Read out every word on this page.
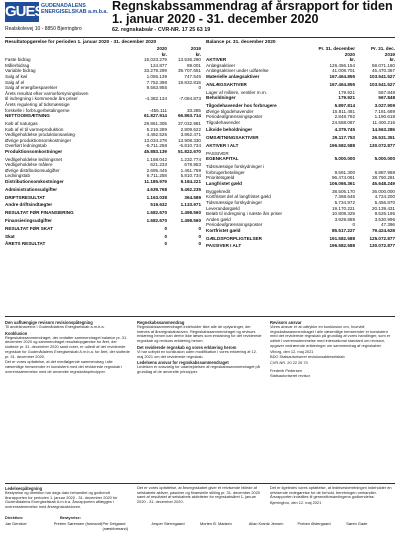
GUES
GUDENADALENS
ENERGISELSKAB a.m.b.a.
Realskolevej 10 - 8850 Bjerringbro
Regnskabssammendrag af årsrapport for tiden
1. januar 2020 - 31. december 2020
62. regnskabsår - CVR-NR. 17 25 63 19
Resultatopgørelse for perioden 1. januar 2020 - 31. december 2020
2020	2019
kr.	kr.
Faste bidrag	15.023.279	13.536.290
Målerbidrag	124.877	89.001
Variable bidrag	33.279.299	39.707.651
Salg af kwl	1.055.139	747.545
Salg af el	7.752.398	19.832.815
Salg af energibesparelser	9.563.955	0
Årets resultat efter varmeforsyningsloven
til indregning i kommende års priser	-4.382.134	-7.084.873
Årets regulering af tidsmæssige
forskelle i forbrugerbetalingerne	-455.111	33.285
NETTOOMSÆTNING	61.827.914	66.863.714
Køb af naturgas	29.861.305	37.032.981
Køb af el til varmeproduktion	5.216.289	2.809.622
Vedligeholdelse produktionsanlæg	4.482.525	3.862.471
Øvrige produktionsomkostninger	13.034.278	13.908.330
Overført ledningstab	-6.711.258	-5.810.734
Produktionsomkostninger	45.883.139	51.822.670
Vedligeholdelse ledningsnet	1.158.042	1.232.774
Vedligeholdelse målere	621.233	678.953
Øvrige distributionsudgifter	2.695.445	1.461.759
Ledningstab	6.711.258	5.810.734
Distributionsomkostninger	11.185.979	9.184.221
Administrationsudgifter	4.639.768	5.492.235
DRIFTSRESULTAT	1.163.038	364.589
Andre driftsindtægter	519.632	1.133.971
RESULTAT FØR FINANSIERING	1.682.670	1.498.560
Finansieringsudgifter	1.682.670	1.498.560
RESULTAT FØR SKAT	0	0
Skat	0	0
ÅRETS RESULTAT	0	0
Balance pr. 31. december 2020
Pr. 31. december	Pr. 31. dec.
2020	2019
AKTIVER	kr.	kr.
Anlægsaktiver	126.456.154	58.071.160
Anlægsaktiver under udførelse	41.008.701	45.470.367
Materielle anlægsaktiver	167.464.855	103.541.527
ANLÆGSAKTIVER	167.464.855	103.541.527
Lager af målere, ventiler m.m.	179.921	567.848
Beholdninger	179.921	567.848
Tilgodehavender hos forbrugere	5.897.814	3.027.909
Øvrige tilgodehavender	15.811.481	7.181.689
Periodeafgrænsningsposter	2.848.792	1.190.618
Tilgodehavender	24.558.087	11.400.216
Likvide beholdninger	4.379.745	14.563.286
OMSÆTNINGSAKTIVER	29.117.753	26.531.351
AKTIVER I ALT	196.582.588	130.072.877
PASSIVER
EGENKAPITAL	5.000.000	5.000.000
Tidsmæssige forskydninger i
forbrugerbetalinger	9.591.300	6.887.968
Prioritetsgæld	96.474.061	38.760.281
Langfristet gæld	106.065.361	45.648.249
Byggekredit	38.505.170	36.000.000
Kortfristet del af langfristet gæld	7.368.646	4.724.200
Tidsmæssige forskydninger	5.734.972	5.456.870
Leverandørgæld	19.170.221	20.139.431
Beløb til indregning i næste års priser	10.808.329	9.526.195
Anden gæld	3.929.889	3.530.996
Periodeafgrænsningsposter	0	47.396
Kortfristet gæld	85.517.227	79.424.628
GÆLDSFORPLIGTELSER	191.582.588	125.072.877
PASSIVER I ALT	196.582.588	130.072.877
Den uafhængige revisors revisionspåtegning

Til andelshaverne i Gudenådalens Energiselskab a.m.b.a.

Konklusion

Regnskabssammendraget, der omfatter sammendraget balance pr. 31. december 2020 og sammendraget resultatopgørelse for året, der sluttede pr. 31. december 2020 samt noter, er udledt af det reviderede regnskab for Gudenådalens Energiselskab A.m.b.a. for året, der sluttede pr. 31. december 2020.

Det er vores opfattelse, at det medfølgende sammendrag i alle væsentlige henseender er konsistent med det reviderede regnskab i overensstemmelse med de anvendte regnskabsprincipper.

Regnskabssammendrag

Regnskabssammendraget indeholder ikke alle de oplysninger, der kræves af årsregnskabsloven. Regnskabssammendraget og revisors erklæring herom kan derfor ikke læses som erstatning for det reviderede regnskab og revisors erklæring herom.

Det reviderede regnskab og vores erklæring herom

Vi har udtrykt en konklusion uden modifikation i vores erklæring af 12. maj 2021 om det reviderede regnskab.

Ledelsens ansvar for regnskabssammendraget

Ledelsen er ansvarlig for udarbejdelsen af regnskabssammendraget på grundlag af de anvendte principper.

Revisors ansvar

Vores ansvar er at udtrykke en konklusion om, hvorvidt regnskabssammendraget i alle væsentlige henseender er konsistent med det reviderede regnskab på grundlag af vores handlinger, som er udført i overensstemmelse med international standard om revision, opgaver vedrørende erklæringer om sammendrag af regnskaber.

Viborg, den 12. maj 2021

BDO Statsautoriseret revisionsaktieselskab

CVR-NR. 20 22 26 70

Frederik Pedersen

Statsautoriseret revisor

Ledelsespåtegning

Bestyrelse og direktion har dags dato behandlet og godkendt årsrapporten for perioden 1. januar 2020 - 31. december 2020 for Gudenådalens Energiselskab A.m.b.a. Årsrapporten aflægges i overensstemmelse med årsregnskabsloven.

Det er vores opfattelse, at årsregnskabet giver et retvisende billede af selskabets aktiver, passiver og finansielle stilling pr. 31. december 2020 samt af resultatet af selskabets aktiviteter for regnskabsåret 1. januar 2020 - 31. december 2020.

Det er ligeledes vores opfattelse, at ledelsesberetningen indeholder en retvisende redegørelse for de forhold, beretningen omhandler. Årsrapporten indstilles til generalforsamlingens godkendelse.

Bjerringbro, den 12. maj 2021

Direktion:	Bestyrelse:
Jan Dencker	Preben Sørensen (formand) Per Delgaard (næstformand)
Jesper Sterregaard	Morten B. Madsen	Allan Krantz Jensen	Preben Østergaard	Søren Gade
